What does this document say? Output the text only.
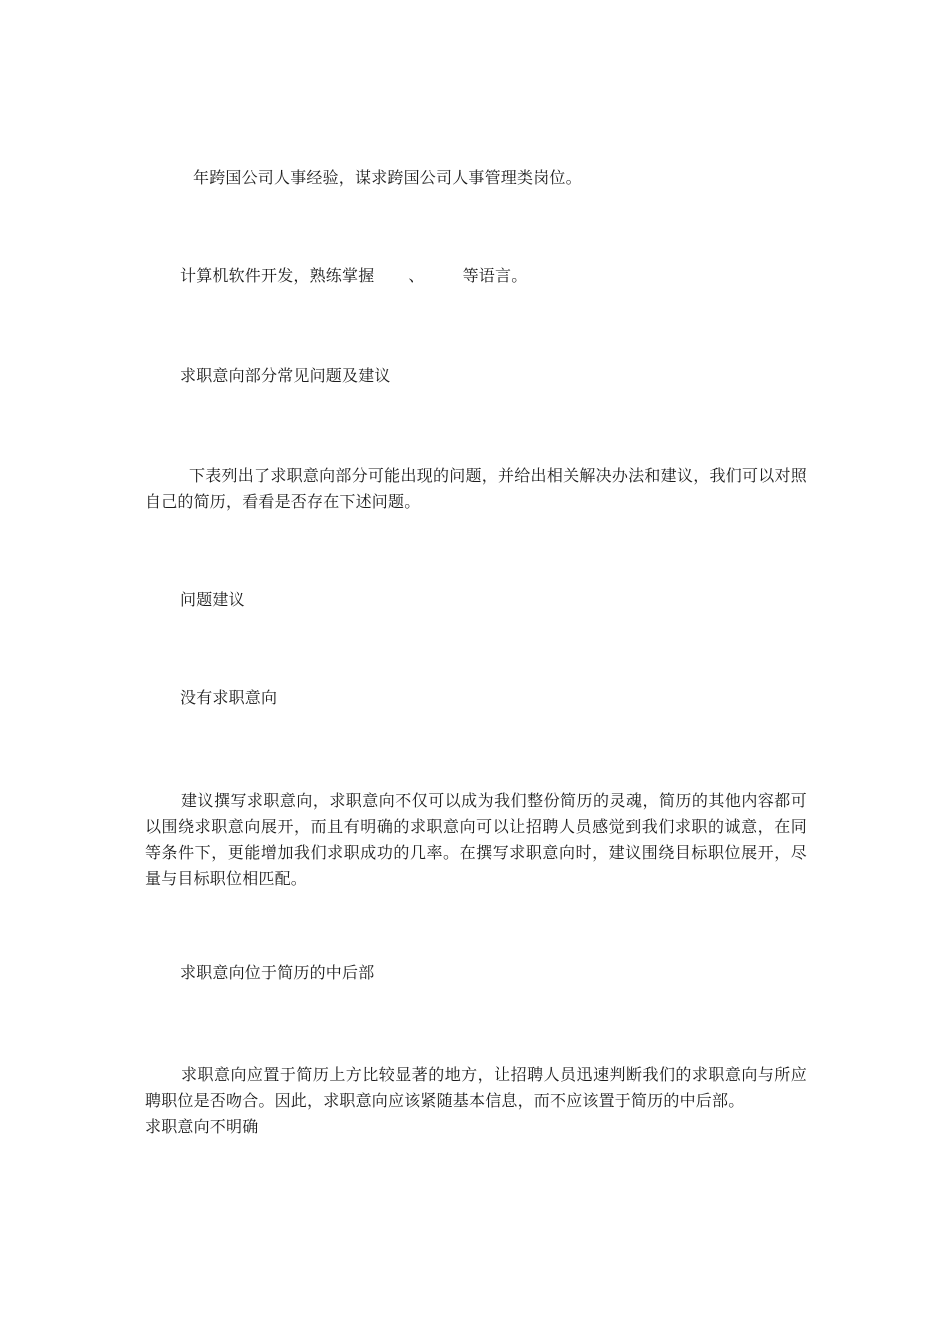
年跨国公司人事经验，谋求跨国公司人事管理类岗位。
计算机软件开发，熟练掌握 、 等语言。
求职意向部分常见问题及建议
下表列出了求职意向部分可能出现的问题，并给出相关解决办法和建议，我们可以对照自己的简历，看看是否存在下述问题。
问题建议
没有求职意向
建议撰写求职意向，求职意向不仅可以成为我们整份简历的灵魂，简历的其他内容都可以围绕求职意向展开，而且有明确的求职意向可以让招聘人员感觉到我们求职的诚意，在同等条件下，更能增加我们求职成功的几率。在撰写求职意向时，建议围绕目标职位展开，尽量与目标职位相匹配。
求职意向位于简历的中后部
求职意向应置于简历上方比较显著的地方，让招聘人员迅速判断我们的求职意向与所应聘职位是否吻合。因此，求职意向应该紧随基本信息，而不应该置于简历的中后部。
求职意向不明确
